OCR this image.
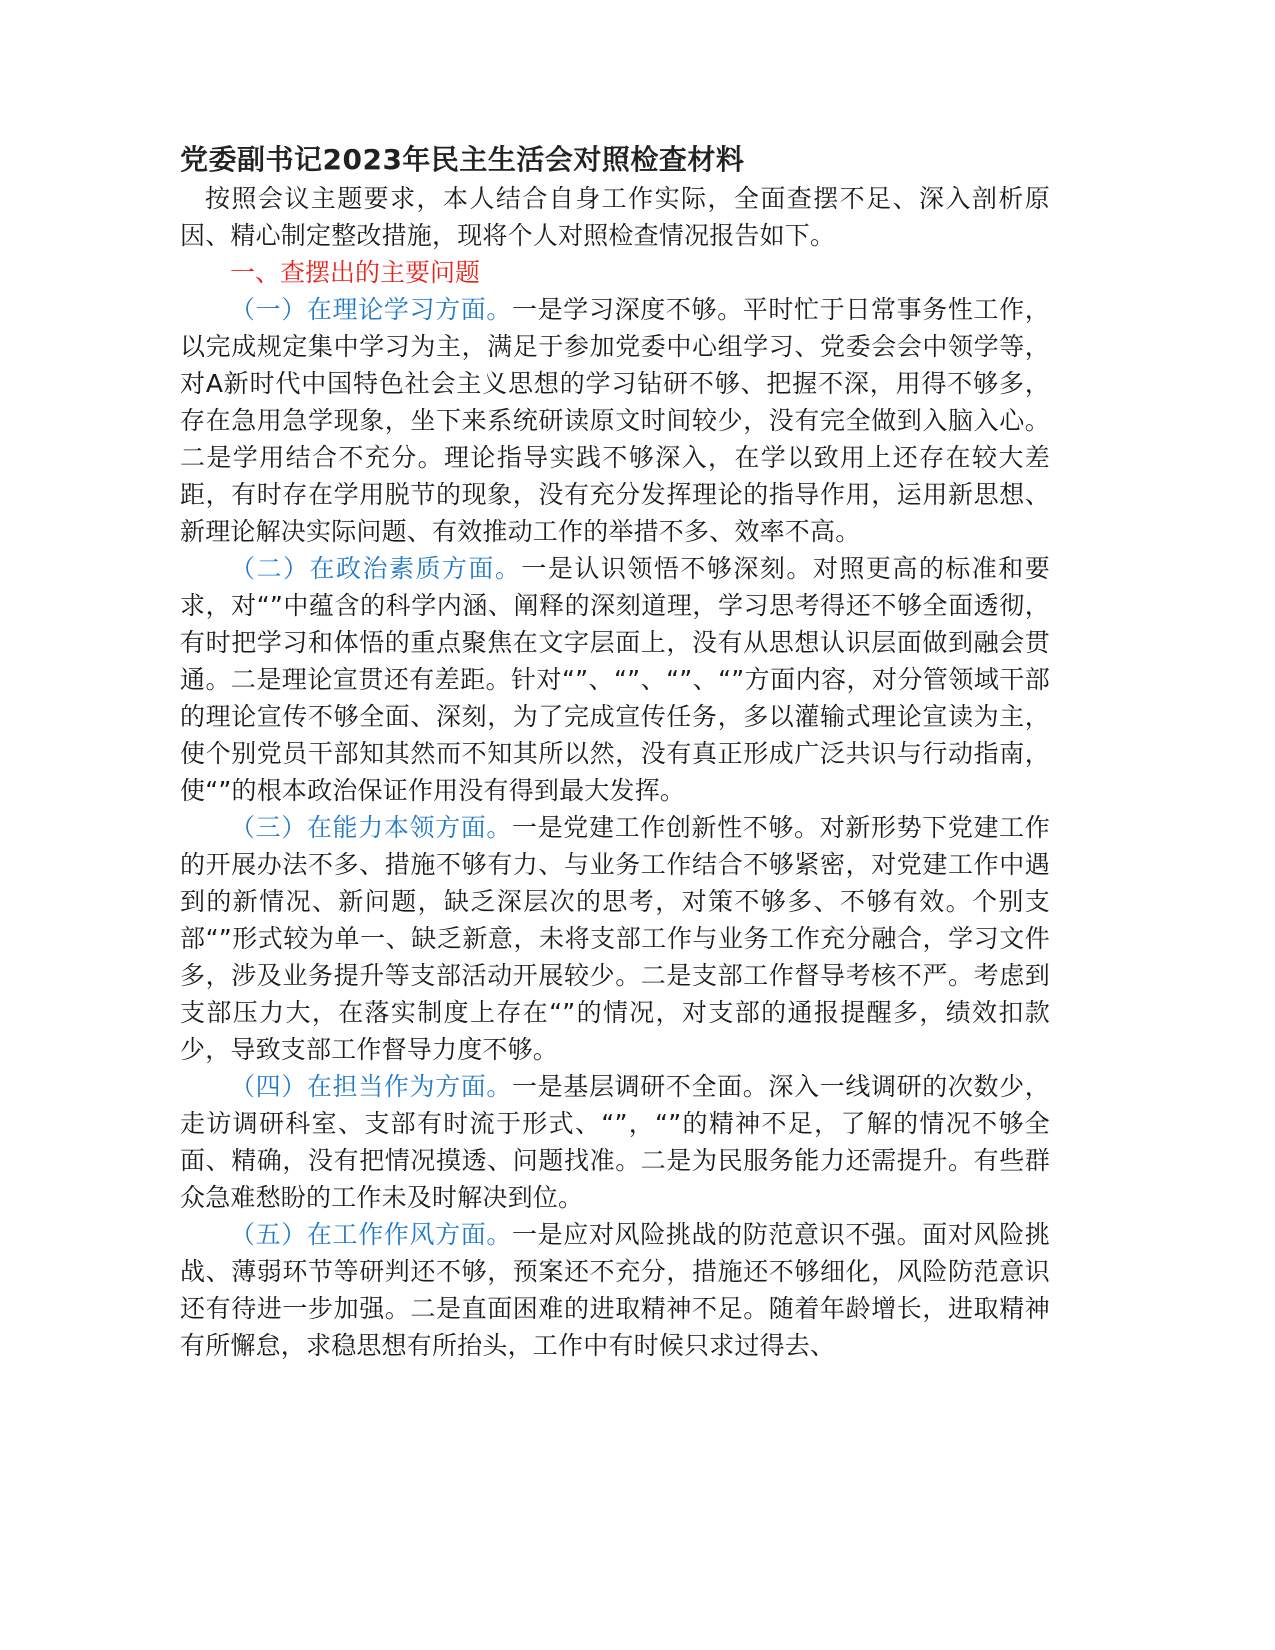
党委副书记2023年民主生活会对照检查材料

按照会议主题要求，本人结合自身工作实际，全面查摆不足、深入剖析原因、精心制定整改措施，现将个人对照检查情况报告如下。

一、查摆出的主要问题

（一）在理论学习方面。一是学习深度不够。平时忙于日常事务性工作，以完成规定集中学习为主，满足于参加党委中心组学习、党委会会中领学等，对A新时代中国特色社会主义思想的学习钻研不够、把握不深，用得不够多，存在急用急学现象，坐下来系统研读原文时间较少，没有完全做到入脑入心。二是学用结合不充分。理论指导实践不够深入，在学以致用上还存在较大差距，有时存在学用脱节的现象，没有充分发挥理论的指导作用，运用新思想、新理论解决实际问题、有效推动工作的举措不多、效率不高。

（二）在政治素质方面。一是认识领悟不够深刻。对照更高的标准和要求，对“”中蕴含的科学内涵、阐释的深刻道理，学习思考得还不够全面透彻，有时把学习和体悟的重点聚焦在文字层面上，没有从思想认识层面做到融会贯通。二是理论宣贯还有差距。针对“”、“”、“”、“”方面内容，对分管领域干部的理论宣传不够全面、深刻，为了完成宣传任务，多以灌输式理论宣读为主，使个别党员干部知其然而不知其所以然，没有真正形成广泛共识与行动指南，使“”的根本政治保证作用没有得到最大发挥。

（三）在能力本领方面。一是党建工作创新性不够。对新形势下党建工作的开展办法不多、措施不够有力、与业务工作结合不够紧密，对党建工作中遇到的新情况、新问题，缺乏深层次的思考，对策不够多、不够有效。个别支部“”形式较为单一、缺乏新意，未将支部工作与业务工作充分融合，学习文件多，涉及业务提升等支部活动开展较少。二是支部工作督导考核不严。考虑到支部压力大，在落实制度上存在“”的情况，对支部的通报提醒多，绩效扣款少，导致支部工作督导力度不够。

（四）在担当作为方面。一是基层调研不全面。深入一线调研的次数少，走访调研科室、支部有时流于形式、“”，“”的精神不足，了解的情况不够全面、精确，没有把情况摸透、问题找准。二是为民服务能力还需提升。有些群众急难愁盼的工作未及时解决到位。

（五）在工作作风方面。一是应对风险挑战的防范意识不强。面对风险挑战、薄弱环节等研判还不够，预案还不充分，措施还不够细化，风险防范意识还有待进一步加强。二是直面困难的进取精神不足。随着年龄增长，进取精神有所懈怠，求稳思想有所抬头，工作中有时候只求过得去、
